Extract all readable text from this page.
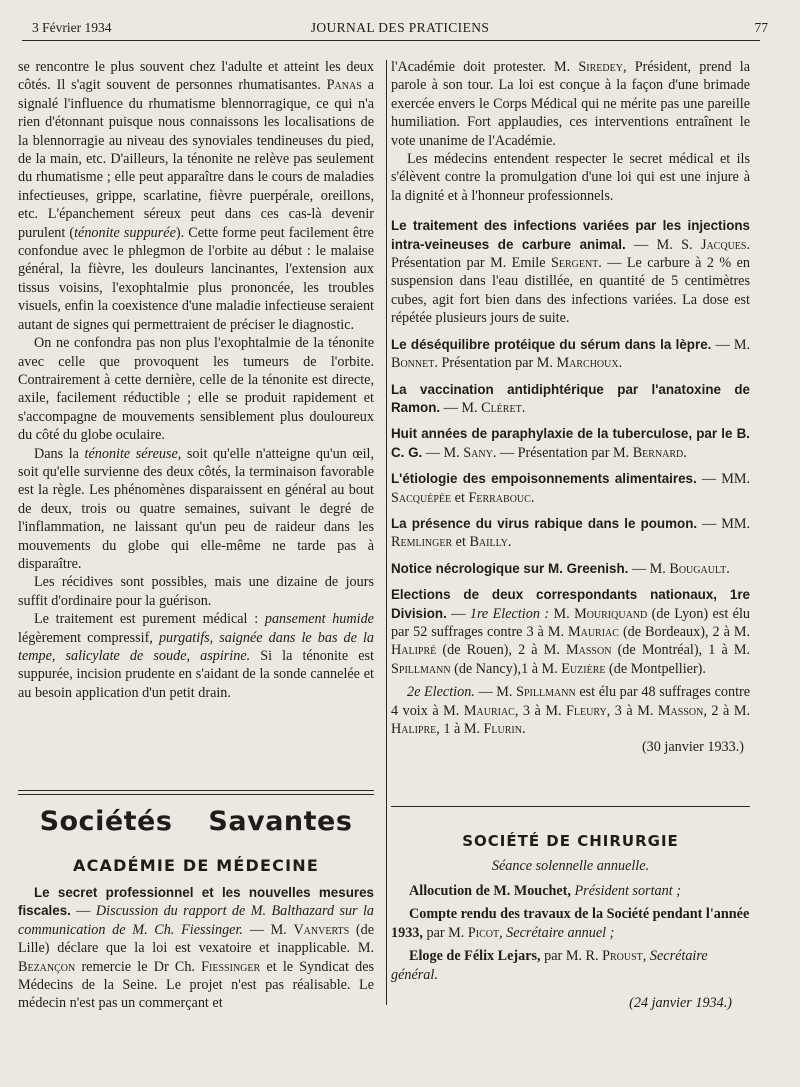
3 Février 1934	JOURNAL DES PRATICIENS	77

se rencontre le plus souvent chez l'adulte et atteint les deux côtés. Il s'agit souvent de personnes rhumatisantes. Panas a signalé l'influence du rhumatisme blennorragique, ce qui n'a rien d'étonnant puisque nous connaissons les localisations de la blennorragie au niveau des synoviales tendineuses du pied, de la main, etc. D'ailleurs, la ténonite ne relève pas seulement du rhumatisme ; elle peut apparaître dans le cours de maladies infectieuses, grippe, scarlatine, fièvre puerpérale, oreillons, etc. L'épanchement séreux peut dans ces cas-là devenir purulent (ténonite suppurée). Cette forme peut facilement être confondue avec le phlegmon de l'orbite au début : le malaise général, la fièvre, les douleurs lancinantes, l'extension aux tissus voisins, l'exophtalmie plus prononcée, les troubles visuels, enfin la coexistence d'une maladie infectieuse seraient autant de signes qui permettraient de préciser le diagnostic.

On ne confondra pas non plus l'exophtalmie de la ténonite avec celle que provoquent les tumeurs de l'orbite. Contrairement à cette dernière, celle de la ténonite est directe, axile, facilement réductible ; elle se produit rapidement et s'accompagne de mouvements sensiblement plus douloureux du côté du globe oculaire.

Dans la ténonite séreuse, soit qu'elle n'atteigne qu'un œil, soit qu'elle survienne des deux côtés, la terminaison favorable est la règle. Les phénomènes disparaissent en général au bout de deux, trois ou quatre semaines, suivant le degré de l'inflammation, ne laissant qu'un peu de raideur dans les mouvements du globe qui elle-même ne tarde pas à disparaître.

Les récidives sont possibles, mais une dizaine de jours suffit d'ordinaire pour la guérison.

Le traitement est purement médical : pansement humide légèrement compressif, purgatifs, saignée dans le bas de la tempe, salicylate de soude, aspirine. Si la ténonite est suppurée, incision prudente en s'aidant de la sonde cannelée et au besoin application d'un petit drain.

Sociétés Savantes
ACADÉMIE DE MÉDECINE

Le secret professionnel et les nouvelles mesures fiscales. — Discussion du rapport de M. Balthazard sur la communication de M. Ch. Fiessinger. — M. Vanverts (de Lille) déclare que la loi est vexatoire et inapplicable. M. Bezançon remercie le Dr Ch. Fiessinger et le Syndicat des Médecins de la Seine. Le projet n'est pas réalisable. Le médecin n'est pas un commerçant et

l'Académie doit protester. M. Siredey, Président, prend la parole à son tour. La loi est conçue à la façon d'une brimade exercée envers le Corps Médical qui ne mérite pas une pareille humiliation. Fort applaudies, ces interventions entraînent le vote unanime de l'Académie.

Les médecins entendent respecter le secret médical et ils s'élèvent contre la promulgation d'une loi qui est une injure à la dignité et à l'honneur professionnels.

Le traitement des infections variées par les injections intra-veineuses de carbure animal. — M. S. Jacques. Présentation par M. Emile Sergent. — Le carbure à 2 % en suspension dans l'eau distillée, en quantité de 5 centimètres cubes, agit fort bien dans des infections variées. La dose est répétée plusieurs jours de suite.

Le déséquilibre protéique du sérum dans la lèpre. — M. Bonnet. Présentation par M. Marchoux.

La vaccination antidiphtérique par l'anatoxine de Ramon. — M. Cléret.

Huit années de paraphylaxie de la tuberculose, par le B. C. G. — M. Sany. — Présentation par M. Bernard.

L'étiologie des empoisonnements alimentaires. — MM. Sacquépée et Ferrabouc.

La présence du virus rabique dans le poumon. — MM. Remlinger et Bailly.

Notice nécrologique sur M. Greenish. — M. Bougault.

Elections de deux correspondants nationaux, 1re Division. — 1re Election : M. Mouriquand (de Lyon) est élu par 52 suffrages contre 3 à M. Mauriac (de Bordeaux), 2 à M. Halipré (de Rouen), 2 à M. Masson (de Montréal), 1 à M. Spillmann (de Nancy),1 à M. Euzière (de Montpellier).

2e Election. — M. Spillmann est élu par 48 suffrages contre 4 voix à M. Mauriac, 3 à M. Fleury, 3 à M. Masson, 2 à M. Halipre, 1 à M. Flurin.

(30 janvier 1933.)

SOCIÉTÉ DE CHIRURGIE
Séance solennelle annuelle.

Allocution de M. Mouchet, Président sortant ;

Compte rendu des travaux de la Société pendant l'année 1933, par M. Picot, Secrétaire annuel ;

Eloge de Félix Lejars, par M. R. Proust, Secrétaire général.

(24 janvier 1934.)
